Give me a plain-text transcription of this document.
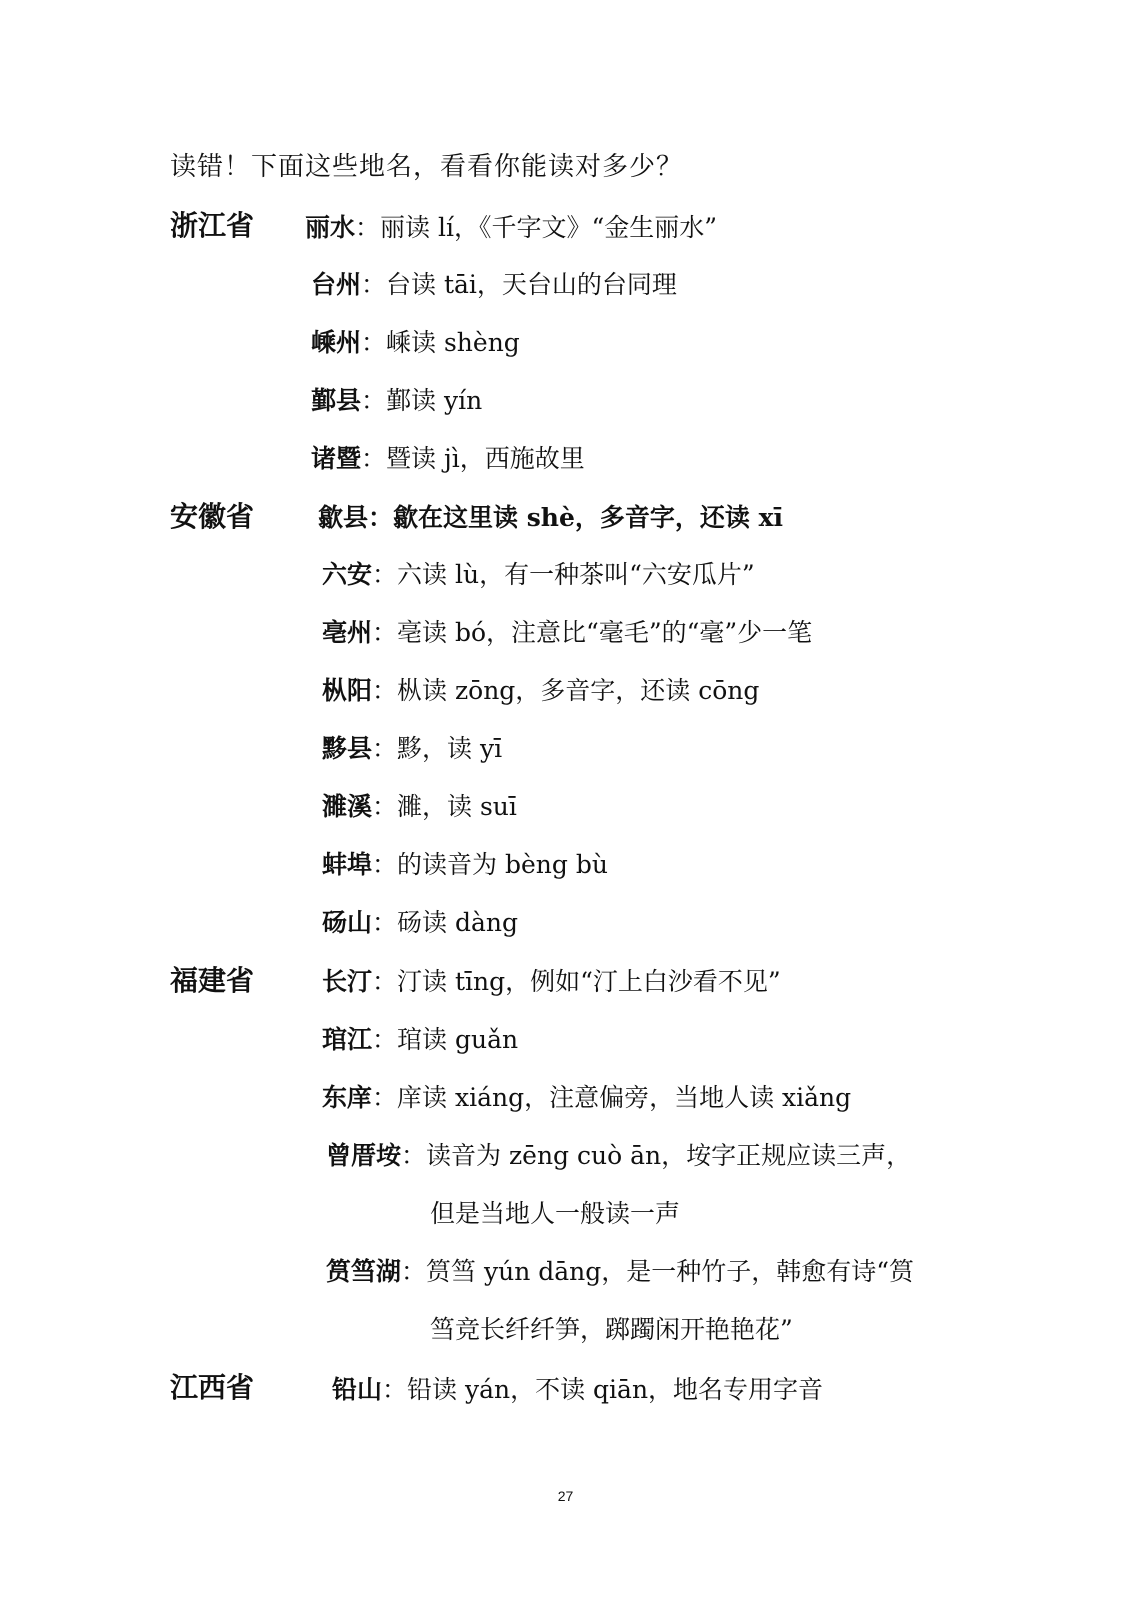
读错！下面这些地名，看看你能读对多少？
浙江省 丽水：丽读 lí，《千字文》“金生丽水”
台州：台读 tāi，天台山的台同理
嵊州：嵊读 shèng
鄞县：鄞读 yín
诸暨：暨读 jì，西施故里
安徽省	歙县：歙在这里读 shè，多音字，还读 xī
六安：六读 lù，有一种茶叫“六安瓜片”
亳州：亳读 bó，注意比“毫毛”的“毫”少一笔
枞阳：枞读 zōng，多音字，还读 cōng
黟县：黟，读 yī
濉溪：濉，读 suī
蚌埠：的读音为 bèng bù
砀山：砀读 dàng
福建省	长汀：汀读 tīng，例如“汀上白沙看不见”
琯江：琯读 guǎn
东庠：庠读 xiáng，注意偏旁，当地人读 xiǎng
曾厝垵：读音为 zēng cuò ān，垵字正规应读三声，
但是当地人一般读一声
筼筜湖：筼筜 yún dāng，是一种竹子，韩愈有诗“筼
筜竞长纤纤笋，踯躅闲开艳艳花”
江西省	铅山：铅读 yán，不读 qiān，地名专用字音
27
